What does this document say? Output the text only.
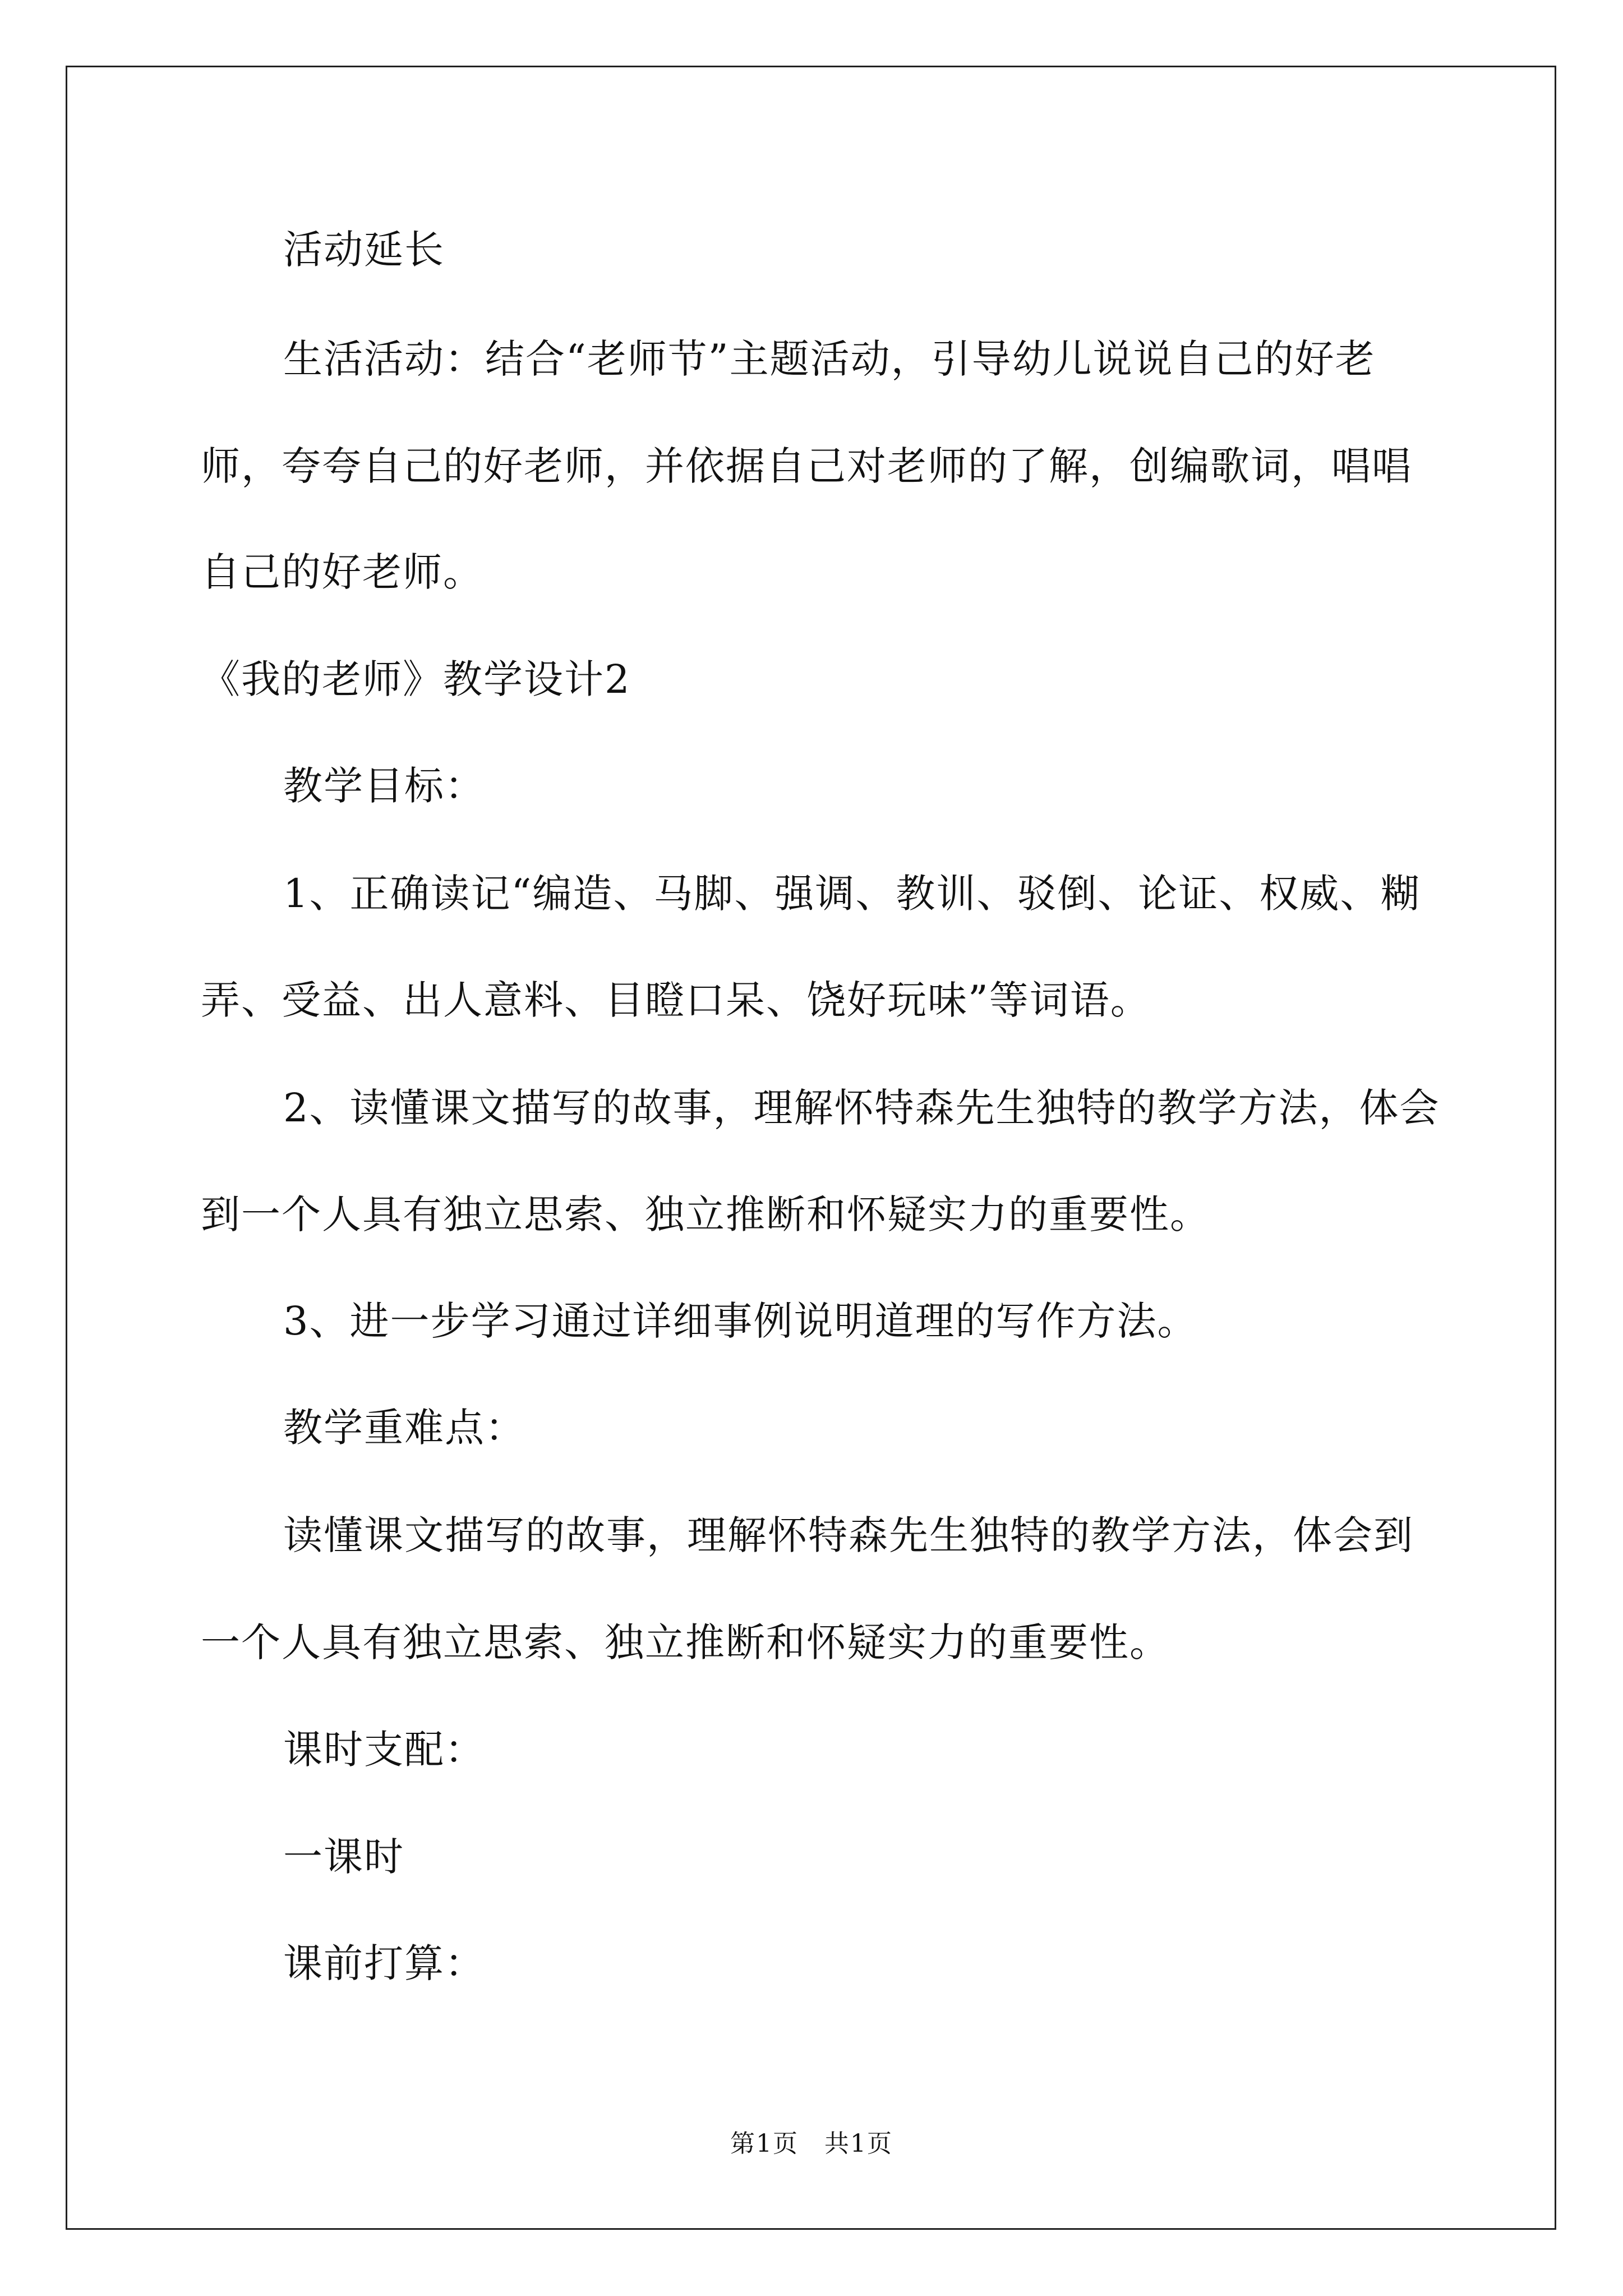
活动延长

生活活动：结合“老师节”主题活动，引导幼儿说说自己的好老

师，夸夸自己的好老师，并依据自己对老师的了解，创编歌词，唱唱

自己的好老师。

《我的老师》教学设计2

教学目标：

1、正确读记“编造、马脚、强调、教训、驳倒、论证、权威、糊

弄、受益、出人意料、目瞪口呆、饶好玩味”等词语。

2、读懂课文描写的故事，理解怀特森先生独特的教学方法，体会

到一个人具有独立思索、独立推断和怀疑实力的重要性。

3、进一步学习通过详细事例说明道理的写作方法。

教学重难点：

读懂课文描写的故事，理解怀特森先生独特的教学方法，体会到

一个人具有独立思索、独立推断和怀疑实力的重要性。

课时支配：

一课时

课前打算：

第1页　共1页
